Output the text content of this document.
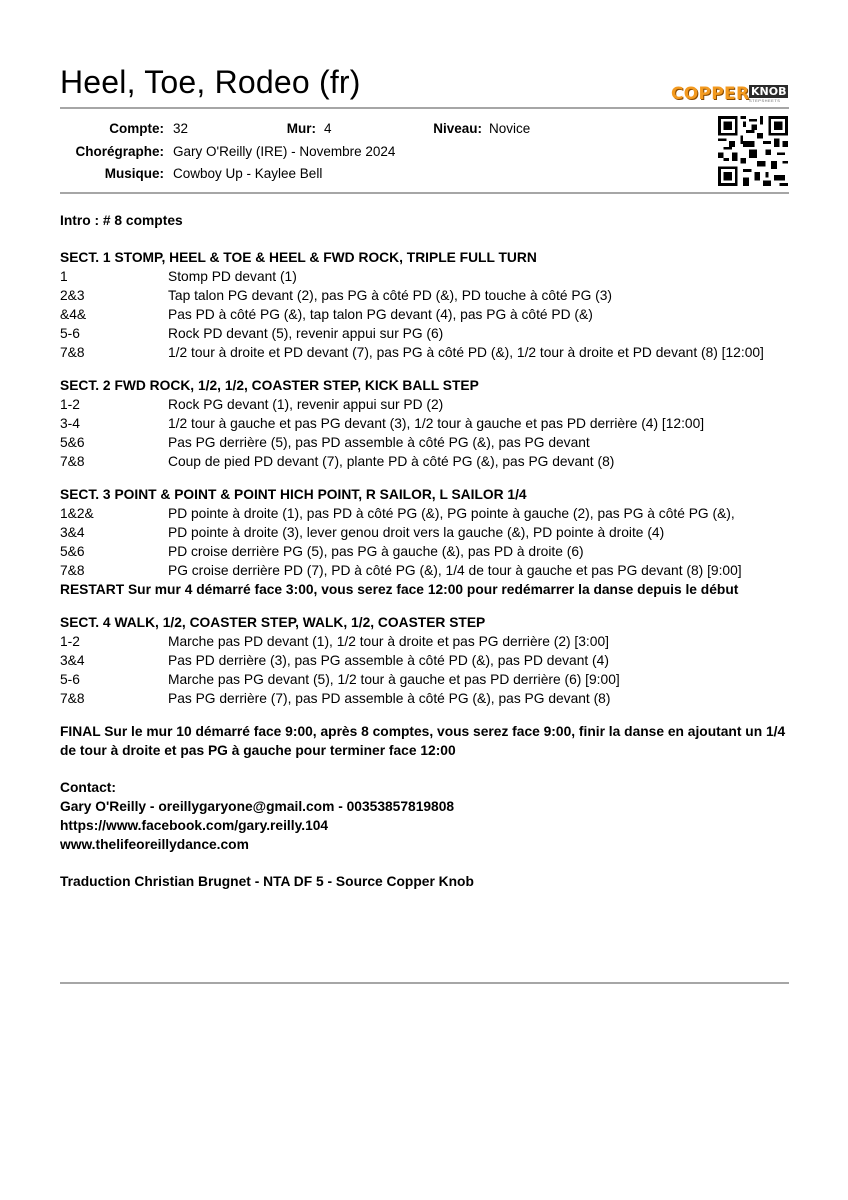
Heel, Toe, Rodeo (fr)	COPPER KNOB
STEPSHEETS
Compte: 32	Mur: 4	Niveau: Novice
Chorégraphe: Gary O'Reilly (IRE) - Novembre 2024
Musique: Cowboy Up - Kaylee Bell
Intro : # 8 comptes
SECT. 1 STOMP, HEEL & TOE & HEEL & FWD ROCK, TRIPLE FULL TURN
1	Stomp PD devant (1)
2&3	Tap talon PG devant (2), pas PG à côté PD (&), PD touche à côté PG (3)
&4&	Pas PD à côté PG (&), tap talon PG devant (4), pas PG à côté PD (&)
5-6	Rock PD devant (5), revenir appui sur PG (6)
7&8	1/2 tour à droite et PD devant (7), pas PG à côté PD (&), 1/2 tour à droite et PD devant (8) [12:00]
SECT. 2 FWD ROCK, 1/2, 1/2, COASTER STEP, KICK BALL STEP
1-2	Rock PG devant (1), revenir appui sur PD (2)
3-4	1/2 tour à gauche et pas PG devant (3), 1/2 tour à gauche et pas PD derrière (4) [12:00]
5&6	Pas PG derrière (5), pas PD assemble à côté PG (&), pas PG devant
7&8	Coup de pied PD devant (7), plante PD à côté PG (&), pas PG devant (8)
SECT. 3 POINT & POINT & POINT HICH POINT, R SAILOR, L SAILOR 1/4
1&2&	PD pointe à droite (1), pas PD à côté PG (&), PG pointe à gauche (2), pas PG à côté PG (&),
3&4	PD pointe à droite (3), lever genou droit vers la gauche (&), PD pointe à droite (4)
5&6	PD croise derrière PG (5), pas PG à gauche (&), pas PD à droite (6)
7&8	PG croise derrière PD (7), PD à côté PG (&), 1/4 de tour à gauche et pas PG devant (8) [9:00]
RESTART Sur mur 4 démarré face 3:00, vous serez face 12:00 pour redémarrer la danse depuis le début
SECT. 4 WALK, 1/2, COASTER STEP, WALK, 1/2, COASTER STEP
1-2	Marche pas PD devant (1), 1/2 tour à droite et pas PG derrière (2) [3:00]
3&4	Pas PD derrière (3), pas PG assemble à côté PD (&), pas PD devant (4)
5-6	Marche pas PG devant (5), 1/2 tour à gauche et pas PD derrière (6) [9:00]
7&8	Pas PG derrière (7), pas PD assemble à côté PG (&), pas PG devant (8)
FINAL Sur le mur 10 démarré face 9:00, après 8 comptes, vous serez face 9:00, finir la danse en ajoutant un 1/4 de tour à droite et pas PG à gauche pour terminer face 12:00
Contact:
Gary O'Reilly - oreillygaryone@gmail.com - 00353857819808
https://www.facebook.com/gary.reilly.104
www.thelifeoreillydance.com
Traduction Christian Brugnet - NTA DF 5 - Source Copper Knob
